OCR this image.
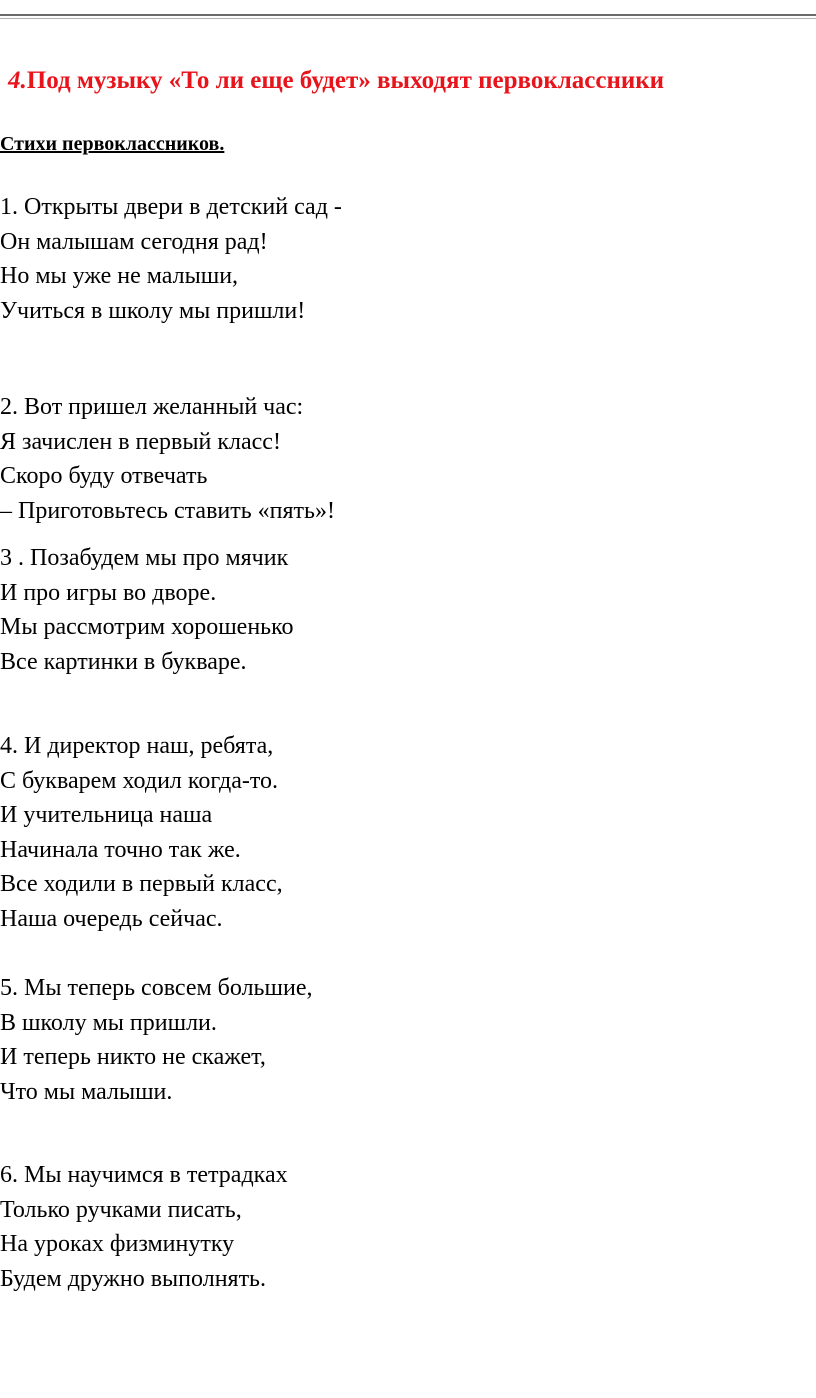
4.Под музыку «То ли еще будет» выходят первоклассники
Стихи первоклассников.
1. Открыты двери в детский сад -
Он малышам сегодня рад!
Но мы уже не малыши,
Учиться в школу мы пришли!
2. Вот пришел желанный час:
Я зачислен в первый класс!
Скоро буду отвечать
– Приготовьтесь ставить «пять»!
3 . Позабудем мы про мячик
И про игры во дворе.
Мы рассмотрим хорошенько
Все картинки в букваре.
4. И директор наш, ребята,
С букварем ходил когда-то.
И учительница наша
Начинала точно так же.
Все ходили в первый класс,
Наша очередь сейчас.
5. Мы теперь совсем большие,
В школу мы пришли.
И теперь никто не скажет,
Что мы малыши.
6. Мы научимся в тетрадках
Только ручками писать,
На уроках физминутку
Будем дружно выполнять.
